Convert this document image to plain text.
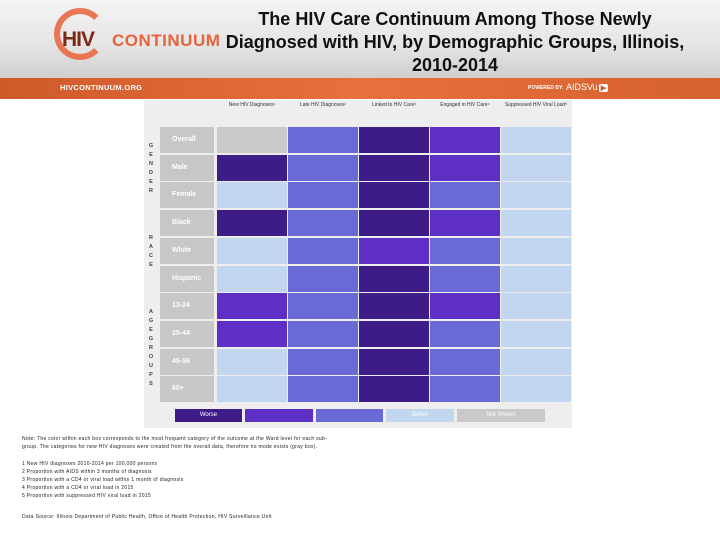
HIV CONTINUUM
The HIV Care Continuum Among Those Newly
Diagnosed with HIV, by Demographic Groups, Illinois,
2010-2014
HIVCONTINUUM.ORG	POWERED BY: AIDSVu ▶
New HIV Diagnoses¹	Late HIV Diagnoses²	Linked to HIV Care³	Engaged in HIV Care⁴	Suppressed HIV Viral Load⁵
G
E
N
D
E
R
R
A
C
E
A
G
E
G
R
O
U
P
S
Overall
Male
Female
Black
White
Hispanic
13-24
25-44
45-59
60+
Worse	Better	Not Shown
Note: The color within each box corresponds to the most frequent category of the outcome at the Ward level for each sub-
group. The categories for new HIV diagnoses were created from the overall data, therefore no mode exists (gray box).
1 New HIV diagnoses 2010-2014 per 100,000 persons
2 Proportion with AIDS within 3 months of diagnosis
3 Proportion with a CD4 or viral load within 1 month of diagnosis
4 Proportion with a CD4 or viral load in 2015
5 Proportion with suppressed HIV viral load in 2015
Data Source: Illinois Department of Public Health, Office of Health Protection, HIV Surveillance Unit
